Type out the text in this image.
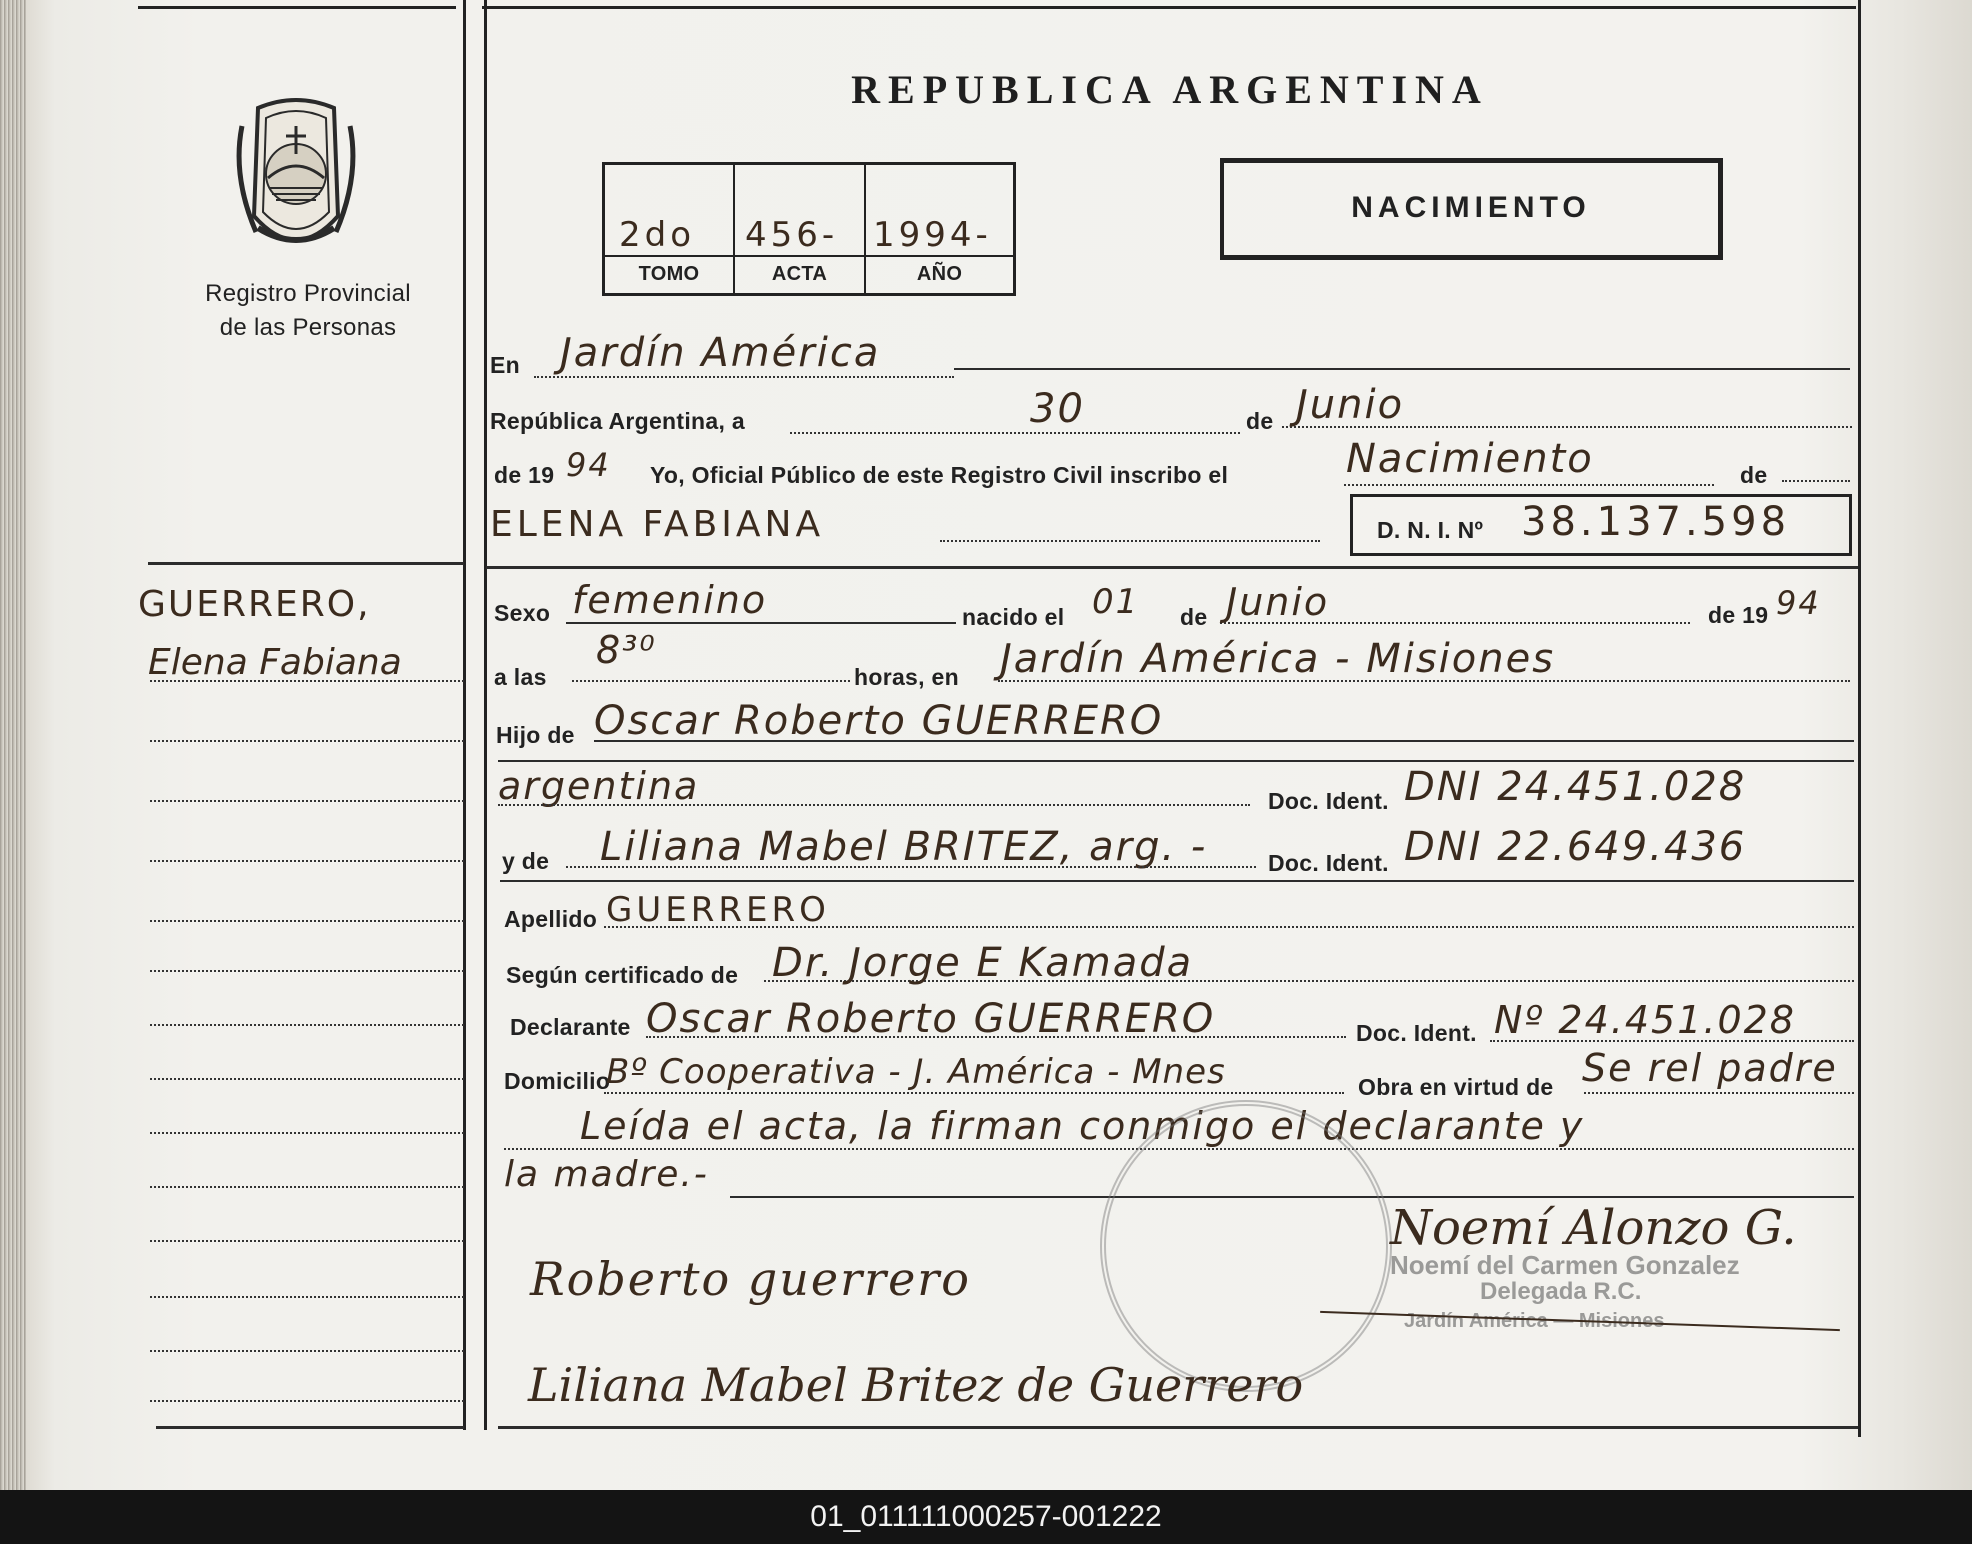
Registro Provincial
de las Personas
REPUBLICA ARGENTINA
2do 456- 1994-
TOMO	ACTA	AÑO
NACIMIENTO
En Jardín América
República Argentina, a	30	de Junio
de 19 94 Yo, Oficial Público de este Registro Civil inscribo el	Nacimiento	de
ELENA FABIANA	D. N. I. Nº 38.137.598
Sexo femenino	nacido el 01 de Junio	de 19 94
a las
8³⁰
horas, en Jardín América - Misiones
Hijo de Oscar Roberto GUERRERO
argentina	Doc. Ident. DNI 24.451.028
y de Liliana Mabel BRITEZ, arg. -	Doc. Ident. DNI 22.649.436
Apellido GUERRERO
Según certificado de Dr. Jorge E Kamada
Declarante Oscar Roberto GUERRERO	Doc. Ident. Nº 24.451.028
Domicilio
Bº Cooperativa - J. América - Mnes	Obra en virtud de Se rel padre
Leída el acta, la firman conmigo el declarante y
la madre.-
Noemí del Carmen Gonzalez
Delegada R.C.
Jardín América — Misiones
Roberto guerrero
Liliana Mabel Britez de Guerrero
Noemí Alonzo G.
GUERRERO,
Elena Fabiana
01_011111000257-001222
